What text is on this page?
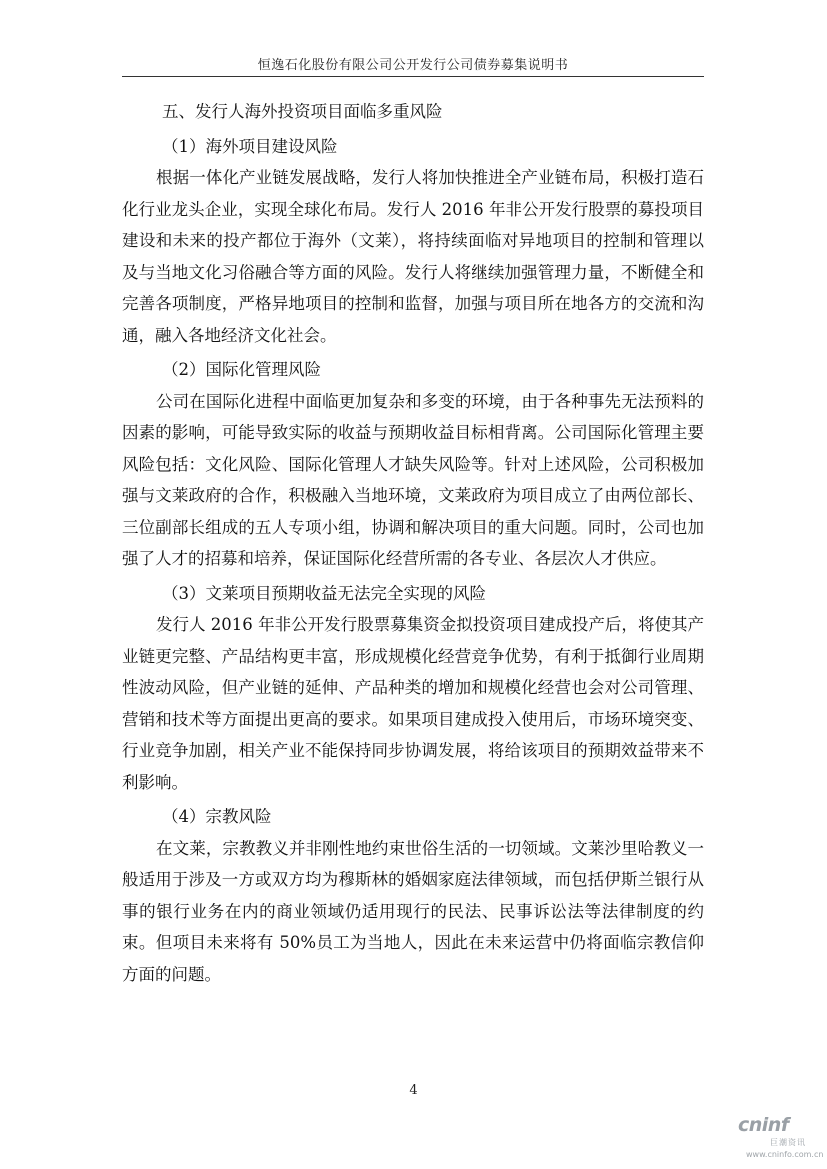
恒逸石化股份有限公司公开发行公司债券募集说明书

五、发行人海外投资项目面临多重风险

（1）海外项目建设风险

根据一体化产业链发展战略，发行人将加快推进全产业链布局，积极打造石化行业龙头企业，实现全球化布局。发行人 2016 年非公开发行股票的募投项目建设和未来的投产都位于海外（文莱），将持续面临对异地项目的控制和管理以及与当地文化习俗融合等方面的风险。发行人将继续加强管理力量，不断健全和完善各项制度，严格异地项目的控制和监督，加强与项目所在地各方的交流和沟通，融入各地经济文化社会。

（2）国际化管理风险

公司在国际化进程中面临更加复杂和多变的环境，由于各种事先无法预料的因素的影响，可能导致实际的收益与预期收益目标相背离。公司国际化管理主要风险包括：文化风险、国际化管理人才缺失风险等。针对上述风险，公司积极加强与文莱政府的合作，积极融入当地环境，文莱政府为项目成立了由两位部长、三位副部长组成的五人专项小组，协调和解决项目的重大问题。同时，公司也加强了人才的招募和培养，保证国际化经营所需的各专业、各层次人才供应。

（3）文莱项目预期收益无法完全实现的风险

发行人 2016 年非公开发行股票募集资金拟投资项目建成投产后，将使其产业链更完整、产品结构更丰富，形成规模化经营竞争优势，有利于抵御行业周期性波动风险，但产业链的延伸、产品种类的增加和规模化经营也会对公司管理、营销和技术等方面提出更高的要求。如果项目建成投入使用后，市场环境突变、行业竞争加剧，相关产业不能保持同步协调发展，将给该项目的预期效益带来不利影响。

（4）宗教风险

在文莱，宗教教义并非刚性地约束世俗生活的一切领域。文莱沙里哈教义一般适用于涉及一方或双方均为穆斯林的婚姻家庭法律领域，而包括伊斯兰银行从事的银行业务在内的商业领域仍适用现行的民法、民事诉讼法等法律制度的约束。但项目未来将有 50%员工为当地人，因此在未来运营中仍将面临宗教信仰方面的问题。

4
cninf
巨潮资讯
www.cninfo.com.cn
